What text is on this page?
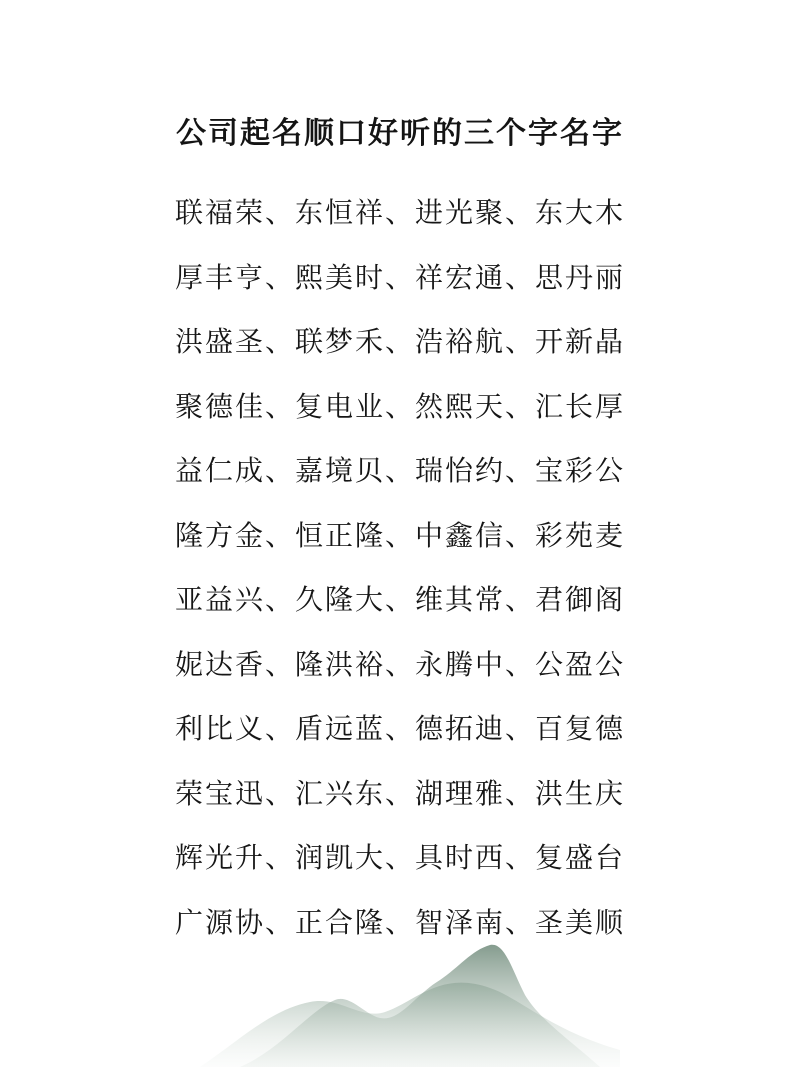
公司起名顺口好听的三个字名字
联福荣、东恒祥、进光聚、东大木
厚丰亨、熙美时、祥宏通、思丹丽
洪盛圣、联梦禾、浩裕航、开新晶
聚德佳、复电业、然熙天、汇长厚
益仁成、嘉境贝、瑞怡约、宝彩公
隆方金、恒正隆、中鑫信、彩苑麦
亚益兴、久隆大、维其常、君御阁
妮达香、隆洪裕、永腾中、公盈公
利比义、盾远蓝、德拓迪、百复德
荣宝迅、汇兴东、湖理雅、洪生庆
辉光升、润凯大、具时西、复盛台
广源协、正合隆、智泽南、圣美顺
